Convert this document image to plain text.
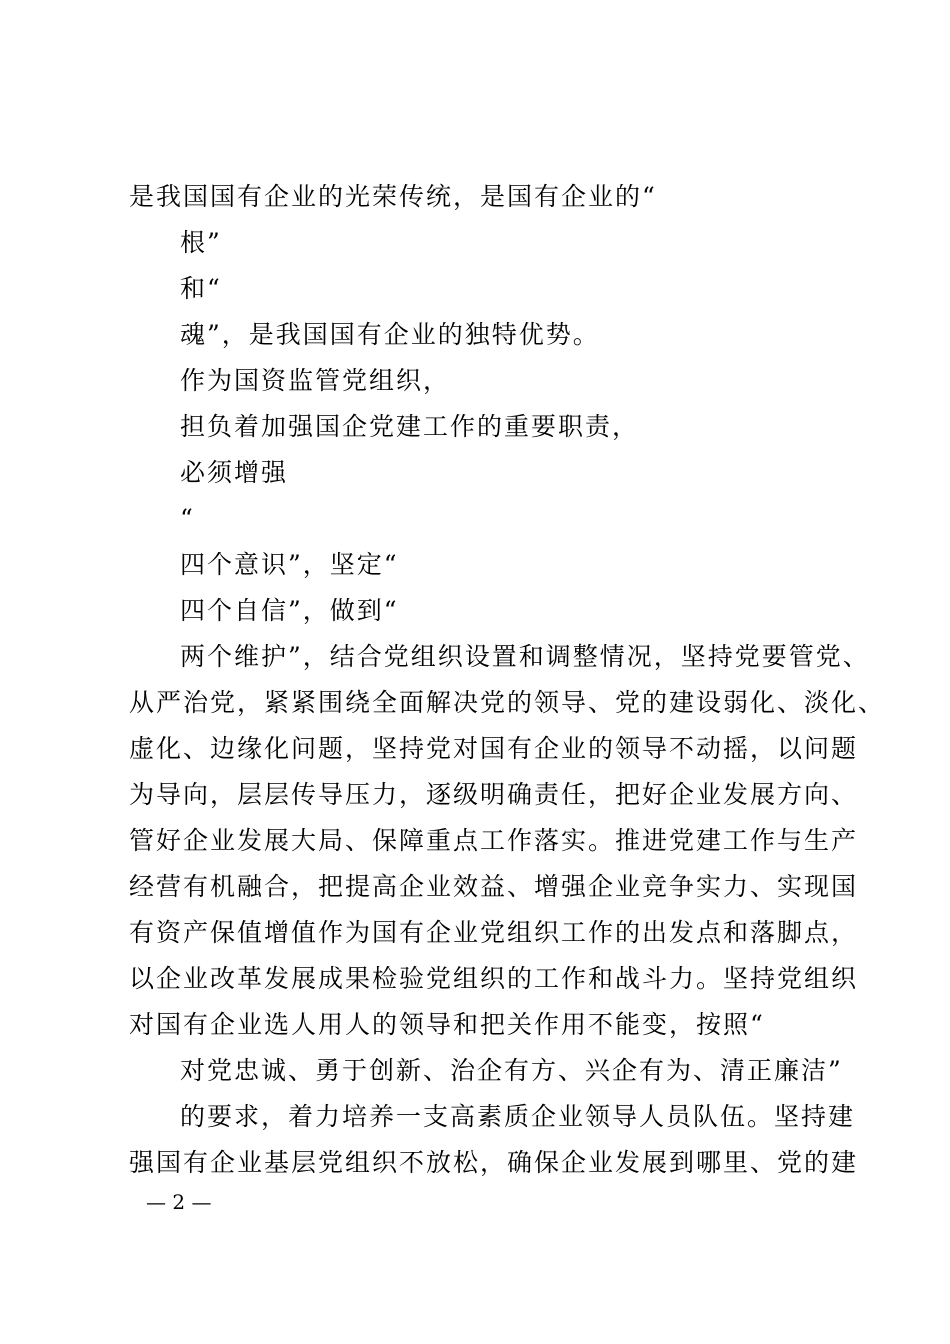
是我国国有企业的光荣传统，是国有企业的“
根”
和“
魂”，是我国国有企业的独特优势。
作为国资监管党组织，
担负着加强国企党建工作的重要职责，
必须增强
“
四个意识”，坚定“
四个自信”，做到“
两个维护”，结合党组织设置和调整情况，坚持党要管党、
从严治党，紧紧围绕全面解决党的领导、党的建设弱化、淡化、
虚化、边缘化问题，坚持党对国有企业的领导不动摇，以问题
为导向，层层传导压力，逐级明确责任，把好企业发展方向、
管好企业发展大局、保障重点工作落实。推进党建工作与生产
经营有机融合，把提高企业效益、增强企业竞争实力、实现国
有资产保值增值作为国有企业党组织工作的出发点和落脚点，
以企业改革发展成果检验党组织的工作和战斗力。坚持党组织
对国有企业选人用人的领导和把关作用不能变，按照“
对党忠诚、勇于创新、治企有方、兴企有为、清正廉洁”
的要求，着力培养一支高素质企业领导人员队伍。坚持建
强国有企业基层党组织不放松，确保企业发展到哪里、党的建
— 2 —
